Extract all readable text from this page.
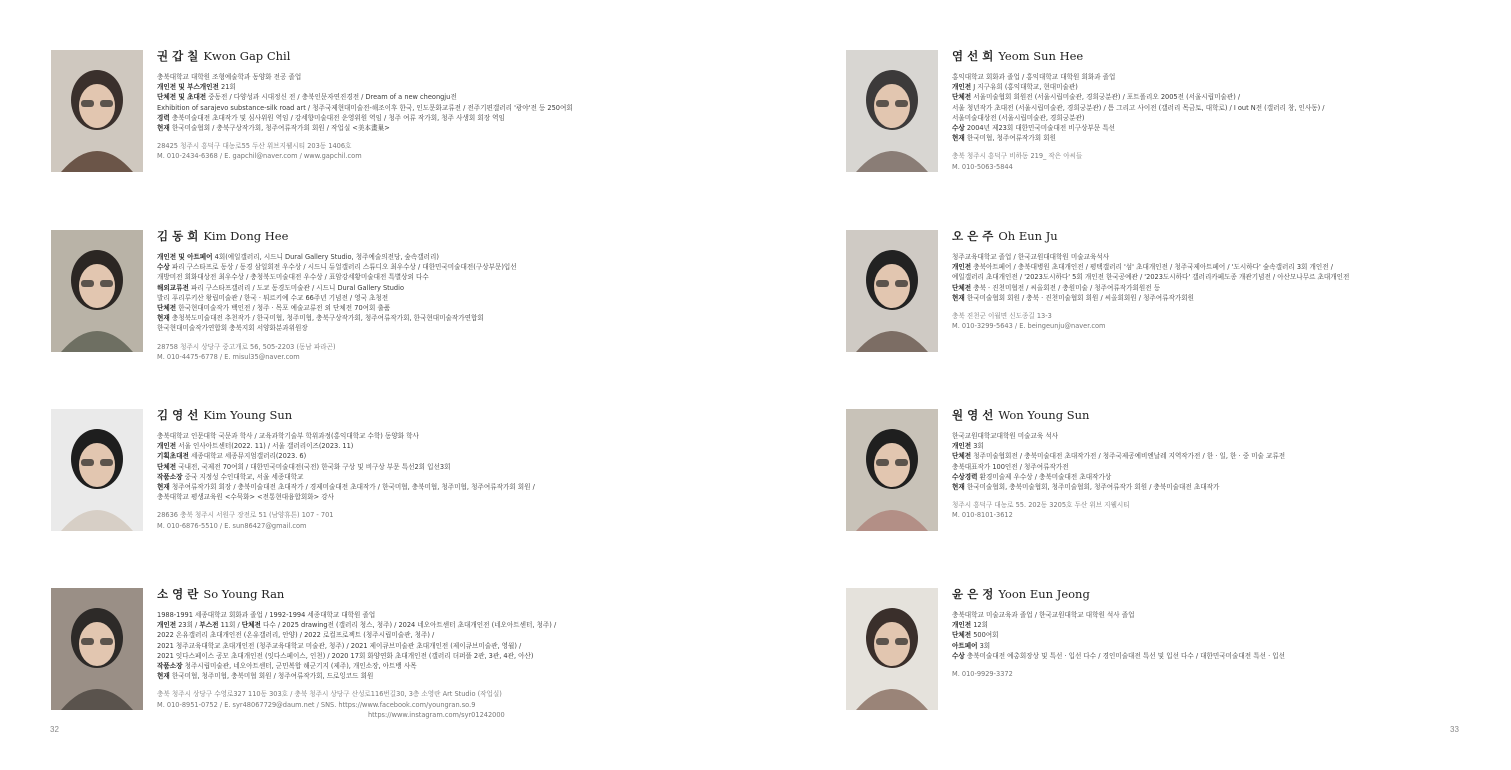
권 갑 칠 Kwon Gap Chil
충북대학교 대학원 조형예술학과 동양화 전공 졸업
개인전 및 부스개인전 21회
단체전 및 초대전 중동전 / 다양성과 시대정신 전 / 충북인문자연진경전 / Dream of a new cheongju전
Exhibition of sarajevo substance-silk road art / 청주국제현대미술전-해조이후 한국, 인도문화교류전 / 전주기편갤러리 '광야'전 등 250여회
경력 충북미술대전 초대작가 및 심사위원 역임 / 강세향미술대전 운영위원 역임 / 청주 여류 작가회, 청주 사생회 회장 역임
현재 한국미술협회 / 충북구상작가회, 청주여류작가회 회원 / 작업실 <美本畫巢>
28425 청주시 흥덕구 대농로55 두산 위브지웰시티 203동 1406호
M. 010-2434-6368 / E. gapchil@naver.com / www.gapchil.com
김 동 희 Kim Dong Hee
개인전 및 아트페어 4회(예일갤러리, 시드니 Dural Gallery Studio, 청주예술의전당, 숲속갤러리)
수상 파리 구스타프로 동상 / 동경 삼일회전 우수상 / 시드니 듀얼갤러리 스튜디오 최우수상 / 대한민국미술대전(구상부문)입선
개방미전 회화대상전 최우수상 / 충청북도미술대전 우수상 / 표암강세황미술대전 특별상외 다수
해외교류전 파리 구스타프갤러리 / 도쿄 동경도미술관 / 시드니 Dural Gallery Studio
발리 푸리루키산 왕립미술관 / 한국 · 튀르키예 수교 66주년 기념전 / 영국 초청전
단체전 한국현대미술작가 백인전 / 청주 · 목포 예술교류전 외 단체전 70여회 출품
현재 충청북도미술대전 추천작가 / 한국미협, 청주미협, 충북구상작가회, 청주여류작가회, 한국현대미술작가연합회
한국현대미술작가연합회 충북지회 서양화분과위원장
28758 청주시 상당구 중고개로 56, 505-2203 (동남 파라곤)
M. 010-4475-6778 / E. misul35@naver.com
김 영 선 Kim Young Sun
충북대학교 인문대학 국문과 학사 / 교육과학기술부 학위과정(홍익대학교 수학) 동양화 학사
개인전 서울 인사아트센터(2022. 11) / 서울 갤러리이즈(2023. 11)
기획초대전 세종대학교 세종뮤지엄갤러리(2023. 6)
단체전 국내전, 국제전 70여회 / 대한민국미술대전(국전) 한국화 구상 및 비구상 부문 특선2회 입선3회
작품소장 중국 지정성 수인대학교, 서울 세종대학교
현재 청주여류작가회 회장 / 충북미술대전 초대작가 / 경제미술대전 초대작가 / 한국미협, 충북미협, 청주미협, 청주여류작가회 회원 /
충북대학교 평생교육원 <수묵화> <전통현대융합회화> 강사
28636 충북 청주시 서원구 장전로 51 (남양휴튼) 107 - 701
M. 010-6876-5510 / E. sun86427@gmail.com
소 영 란 So Young Ran
1988-1991 세종대학교 회화과 졸업 / 1992-1994 세종대학교 대학원 졸업
개인전 23회 / 부스전 11회 / 단체전 다수 / 2025 drawing전 (갤러리 청스, 청주) / 2024 네오아트센터 초대개인전 (네오아트센터, 청주) /
2022 온유갤러리 초대개인전 (온유갤러리, 안양) / 2022 로컬프로젝트 (청주시립미술관, 청주) /
2021 청주교육대학교 초대개인전 (청주교육대학교 미술관, 청주) / 2021 제이큐브미술관 초대개인전 (제이큐브미술관, 영월) /
2021 잇다스페이스 공모 초대개인전 (잇다스페이스, 인천) / 2020 17회 화양연화 초대개인전 (갤러리 더퍼플 2관, 3관, 4관, 아산)
작품소장 청주시립미술관, 네오아트센터, 군민복합 해군기지 (제주), 개인소장, 아트뱅 사목
현재 한국미협, 청주미협, 충북미협 회원 / 청주여류작가회, 드로잉코드 회원
충북 청주시 상당구 수영로327 110동 303호 / 충북 청주시 상당구 산성로116번길30, 3층 소영란 Art Studio (작업실)
M. 010-8951-0752 / E. syr48067729@daum.net / SNS. https://www.facebook.com/youngran.so.9
https://www.instagram.com/syr01242000
염 선 희 Yeom Sun Hee
홍익대학교 회화과 졸업 / 홍익대학교 대학원 회화과 졸업
개인전 J 지구유희 (홍익대학교, 현대미술관)
단체전 서울미술협회 회원전 (서울시립미술관, 경희궁분관) / 포트폴리오 2005전 (서울시립미술관) /
서울 청년작가 초대전 (서울시립미술관, 경희궁분관) / 틈 그리고 사이전 (갤러리 목금토, 대학로) / I out N전 (갤러리 창, 인사동) /
서울미술대상전 (서울시립미술관, 경희궁분관)
수상 2004년 제23회 대한민국미술대전 비구상부문 특선
현재 한국미협, 청주여류작가회 회원
충북 청주시 흥덕구 비하동 219_ 작은 아씨들
M. 010-5063-5844
오 은 주 Oh Eun Ju
청주교육대학교 졸업 / 한국교원대대학원 미술교육석사
개인전 충북아트페어 / 충북대병원 초대개인전 / 평택갤러리 '섬' 초대개인전 / 청주국제아트페어 / '도시하다' 숲속갤러리 3회 개인전 /
예일갤러리 초대개인전 / '2023도시하다' 5회 개인전 한국공예관 / '2023도시하다' 갤러리카페도종 개관기념전 / 아산모나무르 초대개인전
단체전 충북 · 진천미협전 / 씨올회전 / 충원미술 / 청주여류작가회원전 등
현재 한국미술협회 회원 / 충북 · 진천미술협회 회원 / 씨올회회원 / 청주여류작가회원
충북 진천군 이월면 신도종길 13-3
M. 010-3299-5643 / E. beingeunju@naver.com
원 영 선 Won Young Sun
한국교원대학교대학원 미술교육 석사
개인전 3회
단체전 청주미술협회전 / 충북미술대전 초대작가전 / 청주국제공예비엔날레 지역작가전 / 한 · 일, 한 · 중 미술 교류전
충북대표작가 100인전 / 청주여류작가전
수상경력 환경미술제 우수상 / 충북미술대전 초대작가상
현재 한국미술협회, 충북미술협회, 청주미술협회, 청주여류작가 회원 / 충북미술대전 초대작가
청주시 흥덕구 대농로 55. 202동 3205호 두산 위브 지웰시티
M. 010-8101-3612
윤 은 정 Yoon Eun Jeong
충북대학교 미술교육과 졸업 / 한국교원대학교 대학원 석사 졸업
개인전 12회
단체전 500여회
아트페어 3회
수상 충북미술대전 예총회장상 및 특선 · 입선 다수 / 경인미술대전 특선 및 입선 다수 / 대한민국미술대전 특선 · 입선
M. 010-9929-3372
32	33
